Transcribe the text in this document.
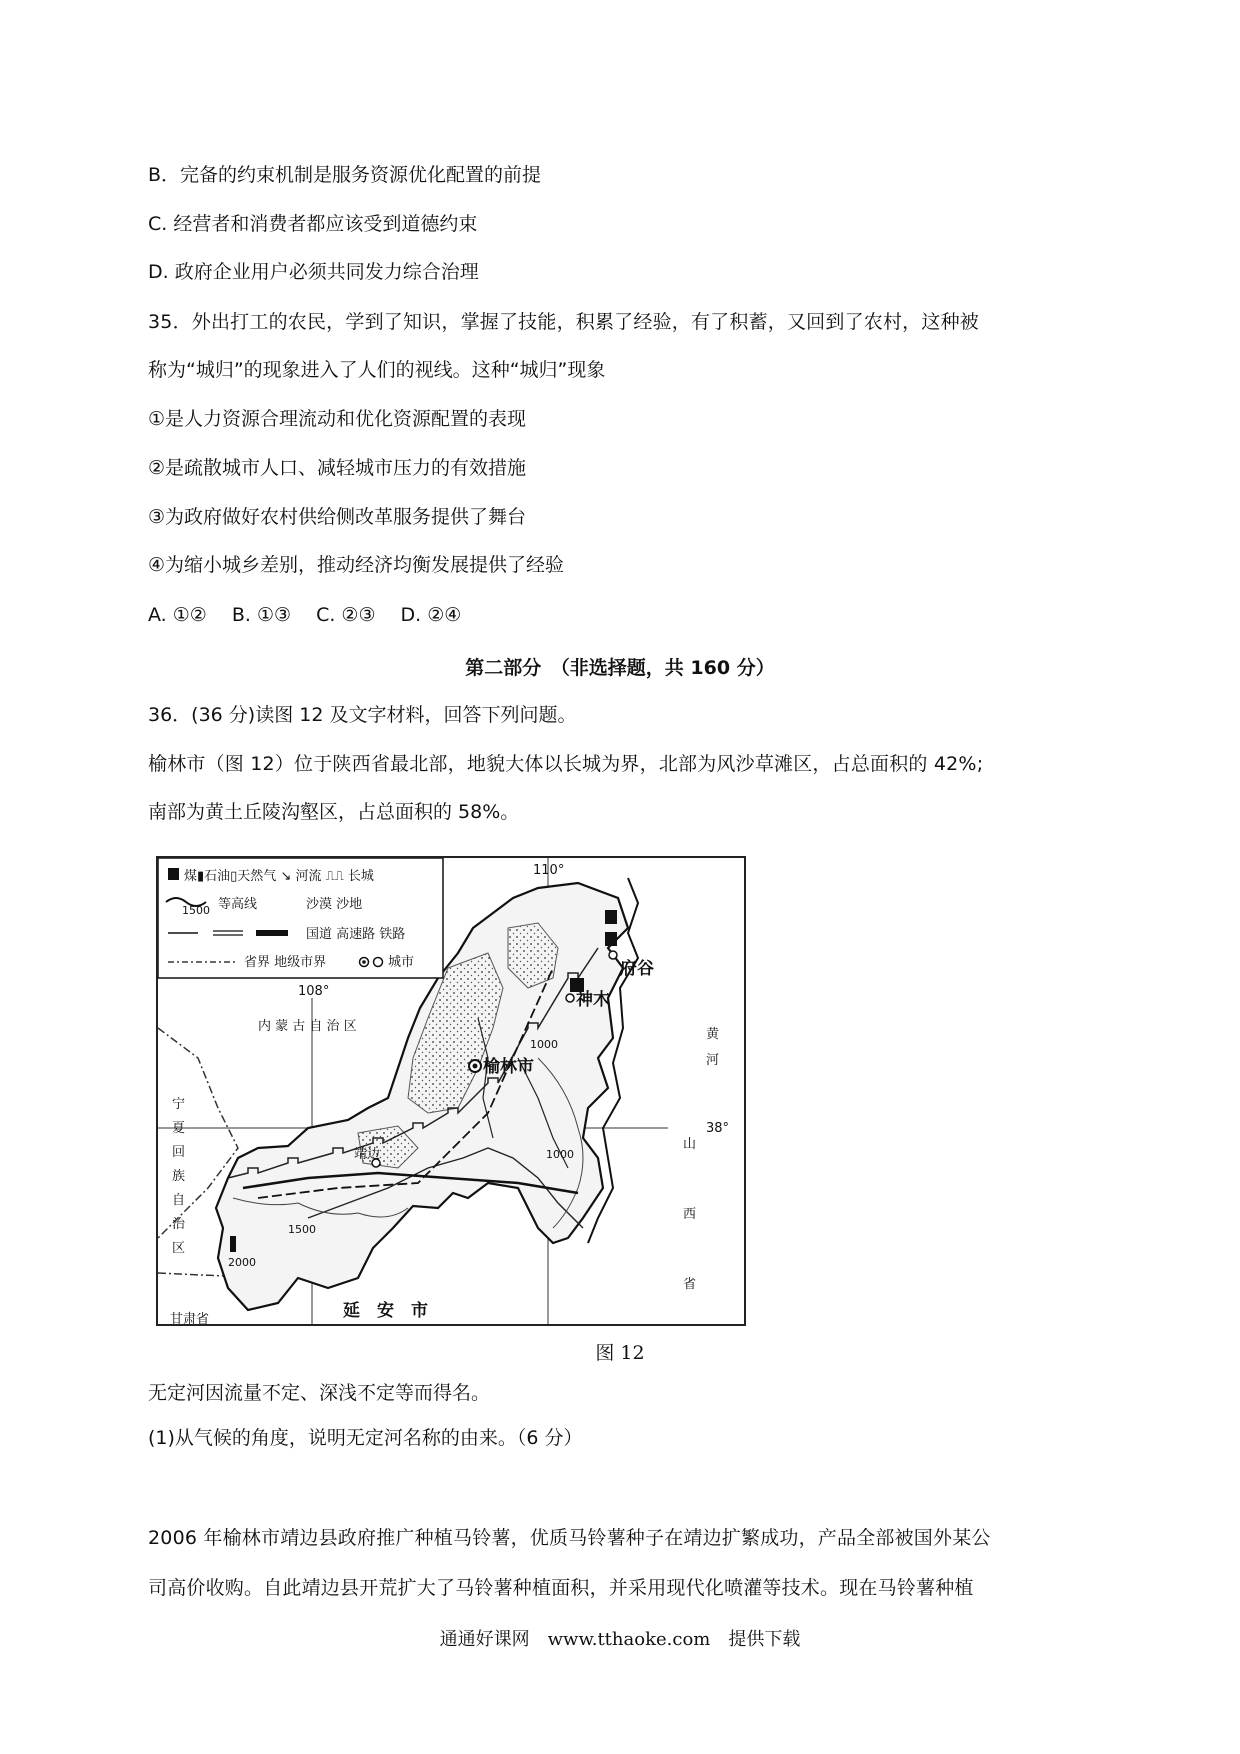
B．完备的约束机制是服务资源优化配置的前提
C. 经营者和消费者都应该受到道德约束
D. 政府企业用户必须共同发力综合治理
35．外出打工的农民，学到了知识，掌握了技能，积累了经验，有了积蓄，又回到了农村，这种被
称为“城归”的现象进入了人们的视线。这种“城归”现象
①是人力资源合理流动和优化资源配置的表现
②是疏散城市人口、减轻城市压力的有效措施
③为政府做好农村供给侧改革服务提供了舞台
④为缩小城乡差别，推动经济均衡发展提供了经验
A. ①②　 B. ①③　 C. ②③　 D. ②④
第二部分　（非选择题，共 160 分）
36．(36 分)读图 12 及文字材料，回答下列问题。
榆林市（图 12）位于陕西省最北部，地貌大体以长城为界，北部为风沙草滩区，占总面积的 42%;
南部为黄土丘陵沟壑区，占总面积的 58%。
煤▮石油▯天然气 ↘ 河流 ⎍⎍ 长城
1500 等高线	沙漠 沙地
国道 高速路 铁路
省界 地级市界	城市
110°
108°
38°
内 蒙 古 自 治 区
甘肃省	延　安　市
府谷
神木
榆林市
靖边
1000
1000
1500
2000
宁夏回族自治区
山西省
黄河
图 12
无定河因流量不定、深浅不定等而得名。
(1)从气候的角度，说明无定河名称的由来。（6 分）
2006 年榆林市靖边县政府推广种植马铃薯，优质马铃薯种子在靖边扩繁成功，产品全部被国外某公
司高价收购。自此靖边县开荒扩大了马铃薯种植面积，并采用现代化喷灌等技术。现在马铃薯种植
通通好课网　www.tthaoke.com　提供下载
